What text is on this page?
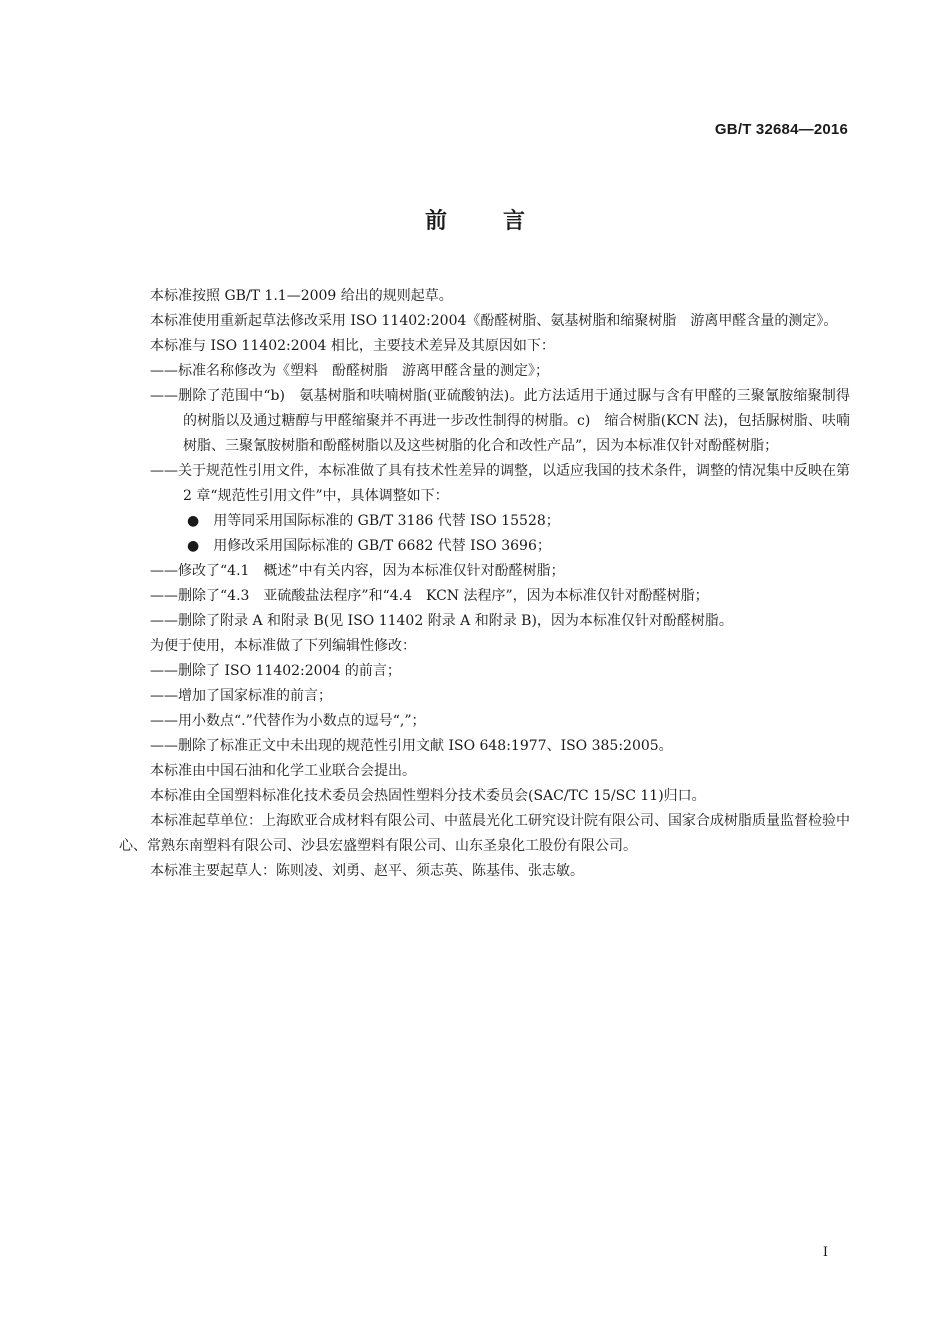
GB/T 32684—2016
前言

本标准按照 GB/T 1.1—2009 给出的规则起草。

本标准使用重新起草法修改采用 ISO 11402:2004《酚醛树脂、氨基树脂和缩聚树脂　游离甲醛含量的测定》。

本标准与 ISO 11402:2004 相比，主要技术差异及其原因如下：

——标准名称修改为《塑料　酚醛树脂　游离甲醛含量的测定》；

——删除了范围中“b)　氨基树脂和呋喃树脂(亚硫酸钠法)。此方法适用于通过脲与含有甲醛的三聚氰胺缩聚制得的树脂以及通过糖醇与甲醛缩聚并不再进一步改性制得的树脂。c)　缩合树脂(KCN 法)，包括脲树脂、呋喃树脂、三聚氰胺树脂和酚醛树脂以及这些树脂的化合和改性产品”，因为本标准仅针对酚醛树脂；

——关于规范性引用文件，本标准做了具有技术性差异的调整，以适应我国的技术条件，调整的情况集中反映在第 2 章“规范性引用文件”中，具体调整如下：

●　用等同采用国际标准的 GB/T 3186 代替 ISO 15528；

●　用修改采用国际标准的 GB/T 6682 代替 ISO 3696；

——修改了“4.1　概述”中有关内容，因为本标准仅针对酚醛树脂；

——删除了“4.3　亚硫酸盐法程序”和“4.4　KCN 法程序”，因为本标准仅针对酚醛树脂；

——删除了附录 A 和附录 B(见 ISO 11402 附录 A 和附录 B)，因为本标准仅针对酚醛树脂。

为便于使用，本标准做了下列编辑性修改：

——删除了 ISO 11402:2004 的前言；

——增加了国家标准的前言；

——用小数点“.”代替作为小数点的逗号“,”；

——删除了标准正文中未出现的规范性引用文献 ISO 648:1977、ISO 385:2005。

本标准由中国石油和化学工业联合会提出。

本标准由全国塑料标准化技术委员会热固性塑料分技术委员会(SAC/TC 15/SC 11)归口。

本标准起草单位：上海欧亚合成材料有限公司、中蓝晨光化工研究设计院有限公司、国家合成树脂质量监督检验中心、常熟东南塑料有限公司、沙县宏盛塑料有限公司、山东圣泉化工股份有限公司。

本标准主要起草人：陈则凌、刘勇、赵平、须志英、陈基伟、张志敏。

I
